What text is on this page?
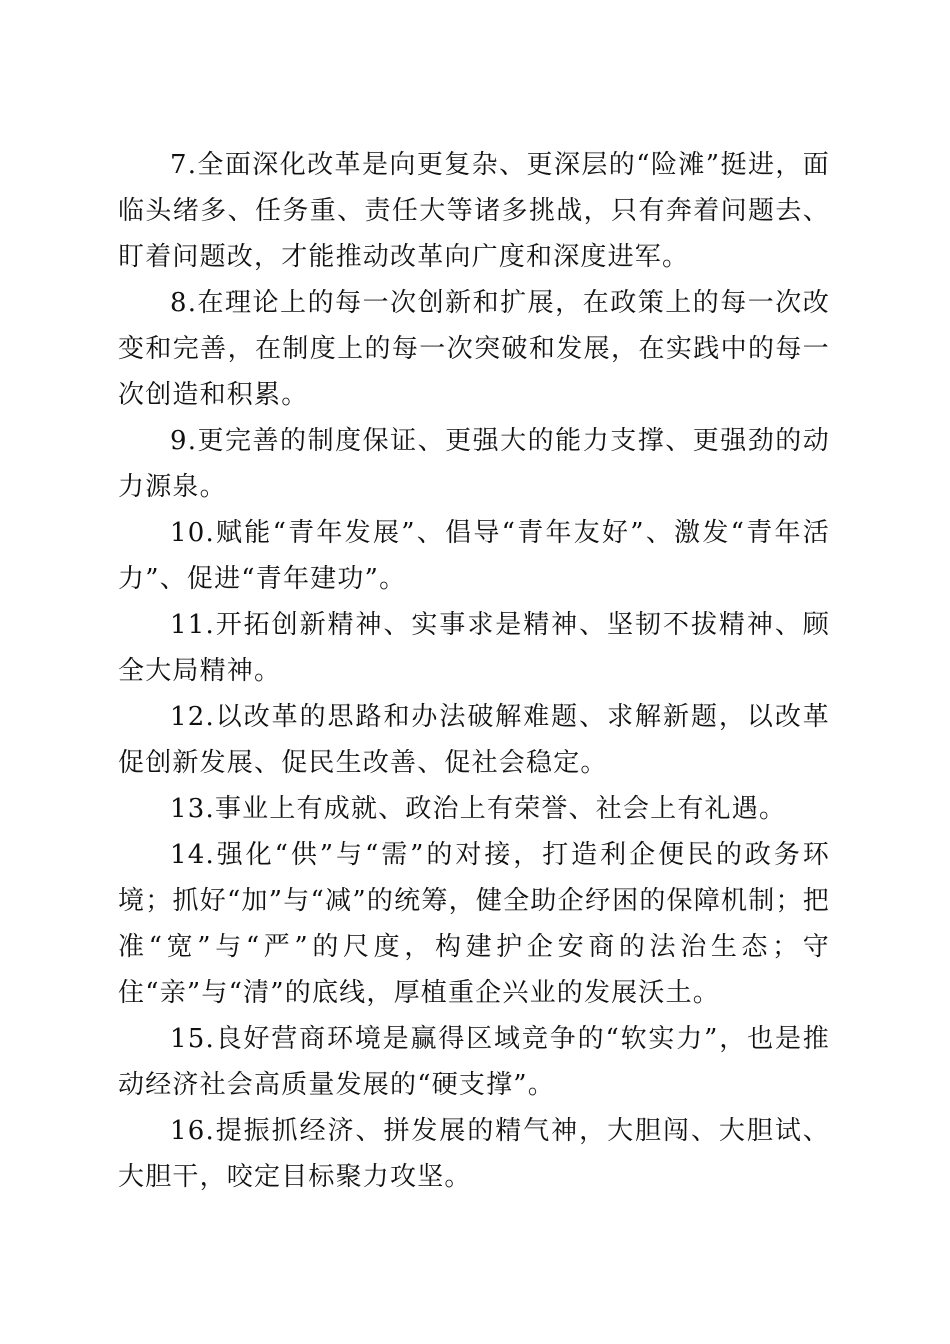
7.全面深化改革是向更复杂、更深层的“险滩”挺进，面临头绪多、任务重、责任大等诸多挑战，只有奔着问题去、盯着问题改，才能推动改革向广度和深度进军。

8.在理论上的每一次创新和扩展，在政策上的每一次改变和完善，在制度上的每一次突破和发展，在实践中的每一次创造和积累。

9.更完善的制度保证、更强大的能力支撑、更强劲的动力源泉。

10.赋能“青年发展”、倡导“青年友好”、激发“青年活力”、促进“青年建功”。

11.开拓创新精神、实事求是精神、坚韧不拔精神、顾全大局精神。

12.以改革的思路和办法破解难题、求解新题，以改革促创新发展、促民生改善、促社会稳定。

13.事业上有成就、政治上有荣誉、社会上有礼遇。

14.强化“供”与“需”的对接，打造利企便民的政务环境；抓好“加”与“减”的统筹，健全助企纾困的保障机制；把准“宽”与“严”的尺度，构建护企安商的法治生态；守住“亲”与“清”的底线，厚植重企兴业的发展沃土。

15.良好营商环境是赢得区域竞争的“软实力”，也是推动经济社会高质量发展的“硬支撑”。

16.提振抓经济、拼发展的精气神，大胆闯、大胆试、大胆干，咬定目标聚力攻坚。
